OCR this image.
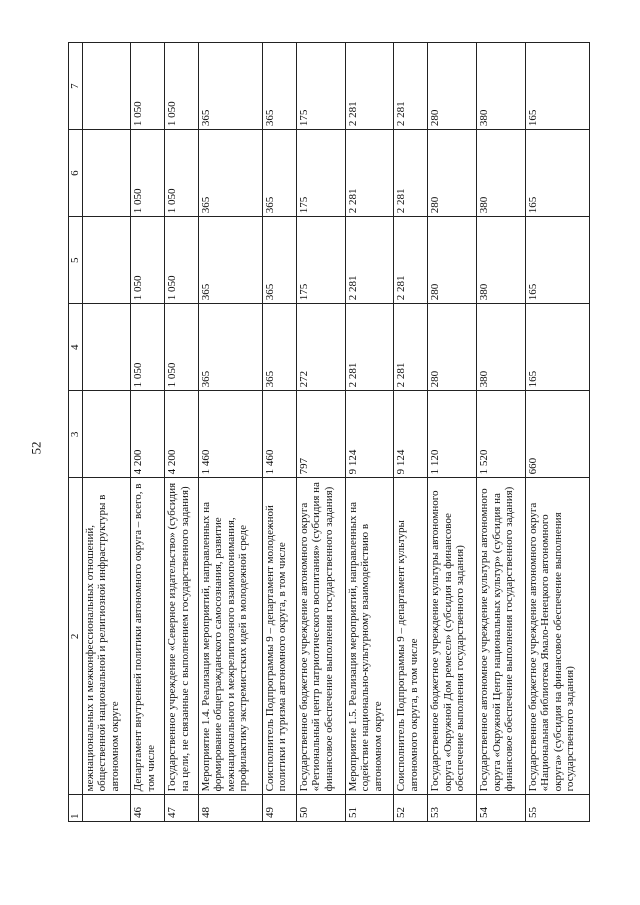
52
1	2	3	4	5	6	7
	межнациональных и межконфессиональных отношений, общественной национальной и религиозной инфраструктуры в автономном округе					
46	Департамент внутренней политики автономного округа – всего, в том числе	4 200	1 050	1 050	1 050	1 050
47	Государственное учреждение «Северное издательство» (субсидия на цели, не связанные с выполнением государственного задания)	4 200	1 050	1 050	1 050	1 050
48	Мероприятие 1.4. Реализация мероприятий, направленных на формирование общегражданского самосознания, развитие межнационального и межрелигиозного взаимопонимания, профилактику экстремистских идей в молодежной среде	1 460	365	365	365	365
49	Соисполнитель Подпрограммы 9 – департамент молодежной политики и туризма автономного округа, в том числе	1 460	365	365	365	365
50	Государственное бюджетное учреждение автономного округа «Региональный центр патриотического воспитания» (субсидия на финансовое обеспечение выполнения государственного задания)	797	272	175	175	175
51	Мероприятие 1.5. Реализация мероприятий, направленных на содействие национально-культурному взаимодействию в автономном округе	9 124	2 281	2 281	2 281	2 281
52	Соисполнитель Подпрограммы 9 – департамент культуры автономного округа, в том числе	9 124	2 281	2 281	2 281	2 281
53	Государственное бюджетное учреждение культуры автономного округа «Окружной Дом ремесел» (субсидия на финансовое обеспечение выполнения государственного задания)	1 120	280	280	280	280
54	Государственное автономное учреждение культуры автономного округа «Окружной Центр национальных культур» (субсидия на финансовое обеспечение выполнения государственного задания)	1 520	380	380	380	380
55	Государственное бюджетное учреждение автономного округа «Национальная библиотека Ямало-Ненецкого автономного округа» (субсидия на финансовое обеспечение выполнения государственного задания)	660	165	165	165	165
